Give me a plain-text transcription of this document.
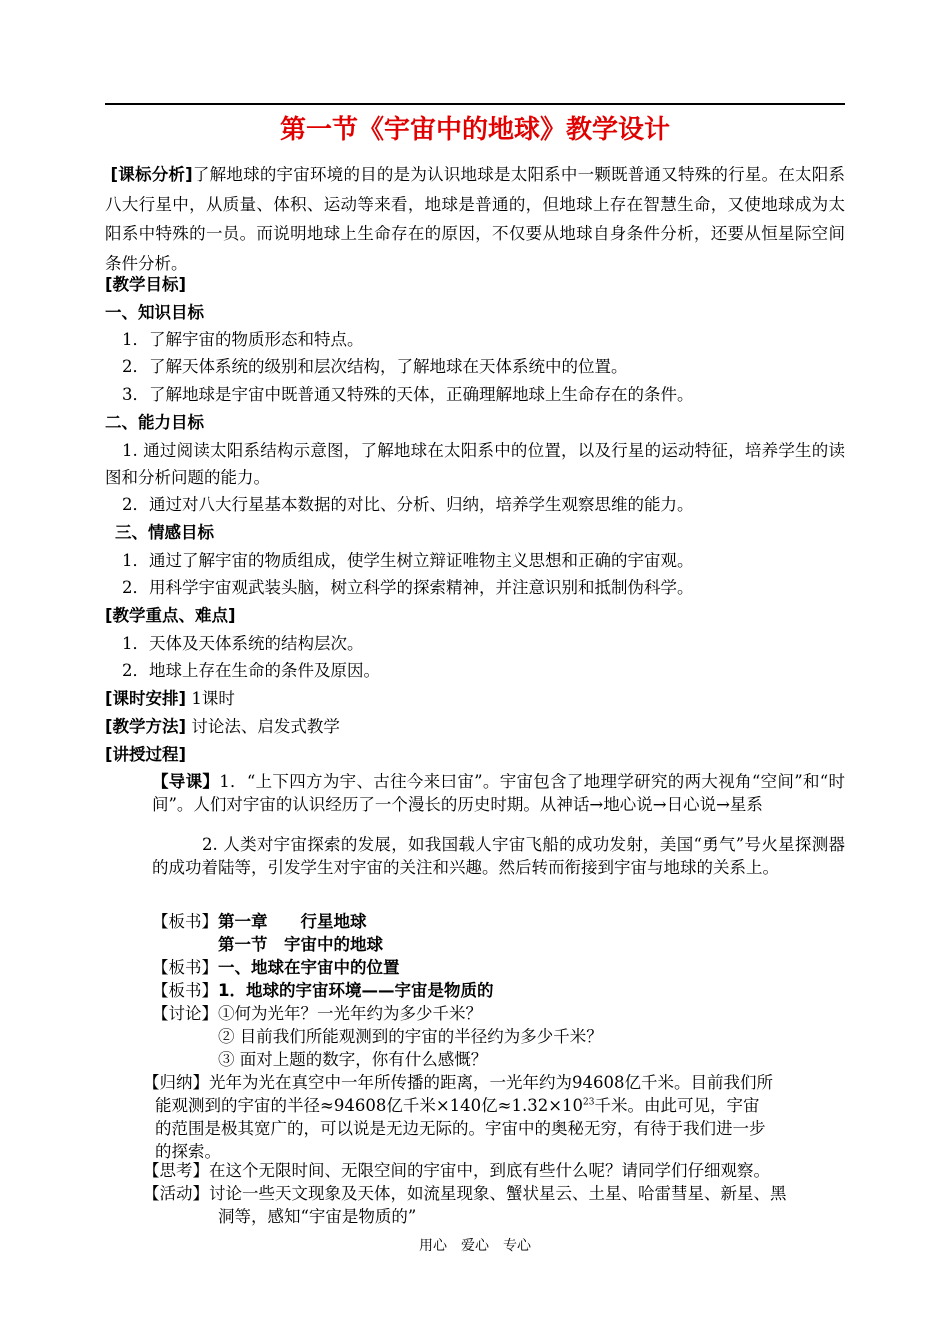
第一节《宇宙中的地球》教学设计
[课标分析]了解地球的宇宙环境的目的是为认识地球是太阳系中一颗既普通又特殊的行星。在太阳系八大行星中，从质量、体积、运动等来看，地球是普通的，但地球上存在智慧生命，又使地球成为太阳系中特殊的一员。而说明地球上生命存在的原因，不仅要从地球自身条件分析，还要从恒星际空间条件分析。
[教学目标]
一、知识目标
1．了解宇宙的物质形态和特点。
2．了解天体系统的级别和层次结构，了解地球在天体系统中的位置。
3．了解地球是宇宙中既普通又特殊的天体，正确理解地球上生命存在的条件。
二、能力目标
1. 通过阅读太阳系结构示意图，了解地球在太阳系中的位置，以及行星的运动特征，培养学生的读图和分析问题的能力。
2．通过对八大行星基本数据的对比、分析、归纳，培养学生观察思维的能力。
三、情感目标
1．通过了解宇宙的物质组成，使学生树立辩证唯物主义思想和正确的宇宙观。
2．用科学宇宙观武装头脑，树立科学的探索精神，并注意识别和抵制伪科学。
[教学重点、难点]
1．天体及天体系统的结构层次。
2．地球上存在生命的条件及原因。
[课时安排] 1课时
[教学方法] 讨论法、启发式教学
[讲授过程]
【导课】1．“上下四方为宇、古往今来曰宙”。宇宙包含了地理学研究的两大视角“空间”和“时间”。人们对宇宙的认识经历了一个漫长的历史时期。从神话→地心说→日心说→星系
2. 人类对宇宙探索的发展，如我国载人宇宙飞船的成功发射，美国“勇气”号火星探测器的成功着陆等，引发学生对宇宙的关注和兴趣。然后转而衔接到宇宙与地球的关系上。
【板书】第一章　　行星地球
第一节　宇宙中的地球
【板书】一、地球在宇宙中的位置
【板书】1．地球的宇宙环境——宇宙是物质的
【讨论】①何为光年？一光年约为多少千米？
② 目前我们所能观测到的宇宙的半径约为多少千米？
③ 面对上题的数字，你有什么感慨？
【归纳】光年为光在真空中一年所传播的距离，一光年约为94608亿千米。目前我们所
能观测到的宇宙的半径≈94608亿千米×140亿$\approx 1.32\times 10^{23}$千米。由此可见，宇宙
的范围是极其宽广的，可以说是无边无际的。宇宙中的奥秘无穷，有待于我们进一步
的探索。
【思考】在这个无限时间、无限空间的宇宙中，到底有些什么呢？请同学们仔细观察。
【活动】讨论一些天文现象及天体，如流星现象、蟹状星云、土星、哈雷彗星、新星、黑
洞等，感知“宇宙是物质的”
用心　爱心　专心
